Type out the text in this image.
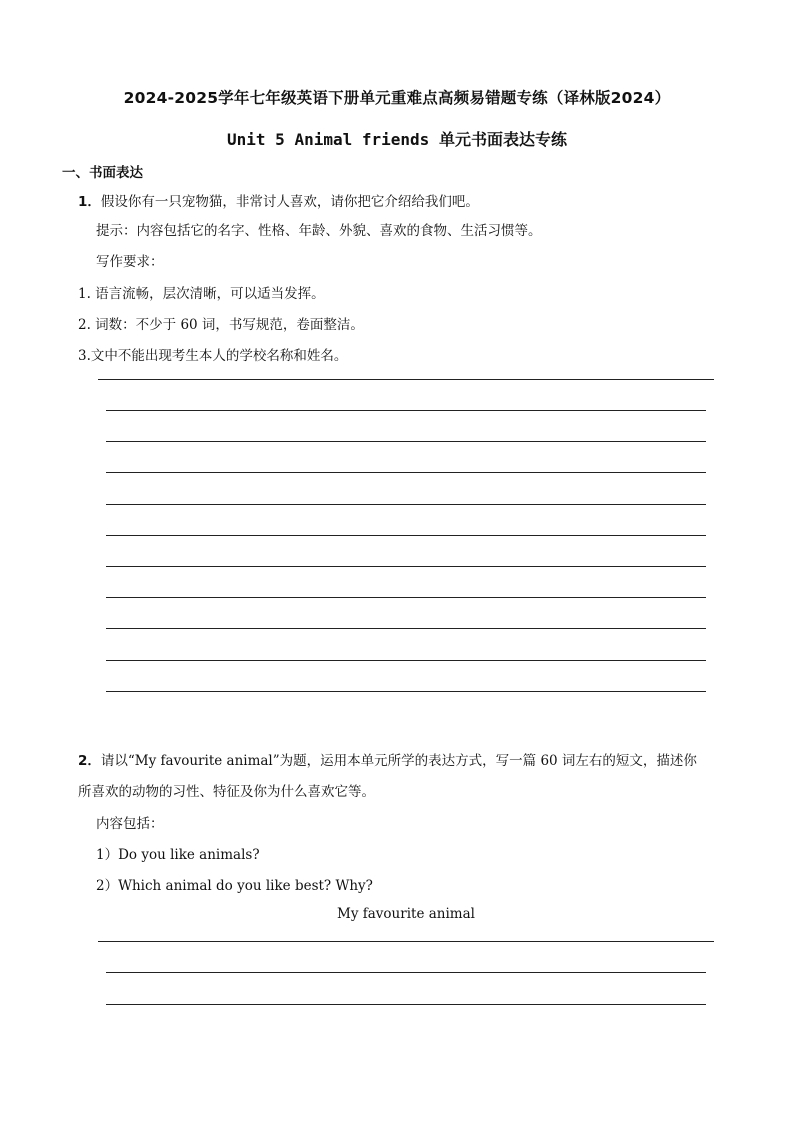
2024-2025学年七年级英语下册单元重难点高频易错题专练（译林版2024）
Unit 5 Animal friends 单元书面表达专练
一、书面表达
1．假设你有一只宠物猫，非常讨人喜欢，请你把它介绍给我们吧。
提示：内容包括它的名字、性格、年龄、外貌、喜欢的食物、生活习惯等。
写作要求：
1. 语言流畅，层次清晰，可以适当发挥。
2. 词数：不少于 60 词，书写规范，卷面整洁。
3.文中不能出现考生本人的学校名称和姓名。
2．请以“My favourite animal”为题，运用本单元所学的表达方式，写一篇 60 词左右的短文，描述你
所喜欢的动物的习性、特征及你为什么喜欢它等。
内容包括：
1）Do you like animals?
2）Which animal do you like best? Why?
My favourite animal
